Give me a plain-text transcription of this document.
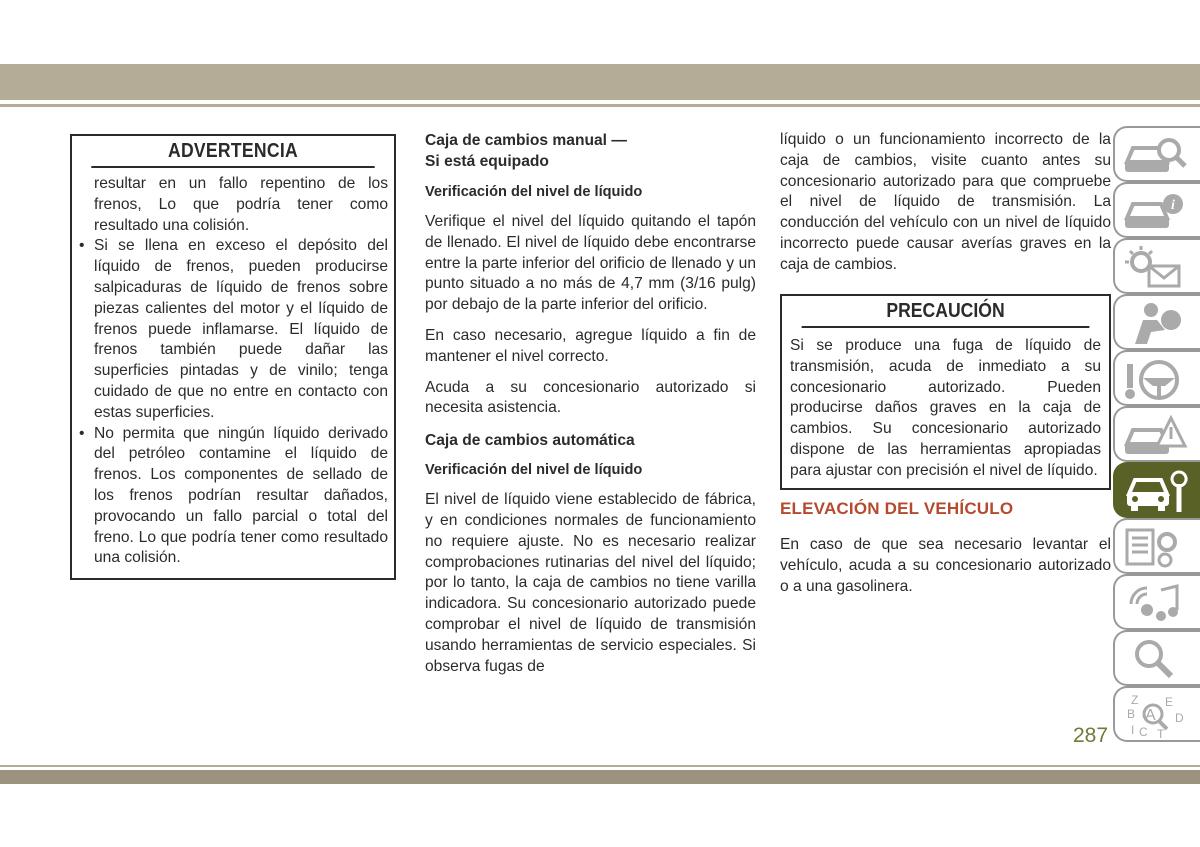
ADVERTENCIA

resultar en un fallo repentino de los frenos, Lo que podría tener como resultado una colisión.

• Si se llena en exceso el depósito del líquido de frenos, pueden producirse salpicaduras de líquido de frenos sobre piezas calientes del motor y el líquido de frenos puede inflamarse. El líquido de frenos también puede dañar las superficies pintadas y de vinilo; tenga cuidado de que no entre en contacto con estas superficies.
• No permita que ningún líquido derivado del petróleo contamine el líquido de frenos. Los componentes de sellado de los frenos podrían resultar dañados, provocando un fallo parcial o total del freno. Lo que podría tener como resultado una colisión.

Caja de cambios manual —

Si está equipado

Verificación del nivel de líquido

Verifique el nivel del líquido quitando el tapón de llenado. El nivel de líquido debe encontrarse entre la parte inferior del orificio de llenado y un punto situado a no más de 4,7 mm (3/16 pulg) por debajo de la parte inferior del orificio.

En caso necesario, agregue líquido a fin de mantener el nivel correcto.

Acuda a su concesionario autorizado si necesita asistencia.

Caja de cambios automática

Verificación del nivel de líquido

El nivel de líquido viene establecido de fábrica, y en condiciones normales de funcionamiento no requiere ajuste. No es necesario realizar comprobaciones rutinarias del nivel del líquido; por lo tanto, la caja de cambios no tiene varilla indicadora. Su concesionario autorizado puede comprobar el nivel de líquido de transmisión usando herramientas de servicio especiales. Si observa fugas de

líquido o un funcionamiento incorrecto de la caja de cambios, visite cuanto antes su concesionario autorizado para que compruebe el nivel de líquido de transmisión. La conducción del vehículo con un nivel de líquido incorrecto puede causar averías graves en la caja de cambios.

PRECAUCIÓN

Si se produce una fuga de líquido de transmisión, acuda de inmediato a su concesionario autorizado. Pueden producirse daños graves en la caja de cambios. Su concesionario autorizado dispone de las herramientas apropiadas para ajustar con precisión el nivel de líquido.

ELEVACIÓN DEL VEHÍCULO

En caso de que sea necesario levantar el vehículo, acuda a su concesionario autorizado o a una gasolinera.

i
Z E
B A D
I C T
287
